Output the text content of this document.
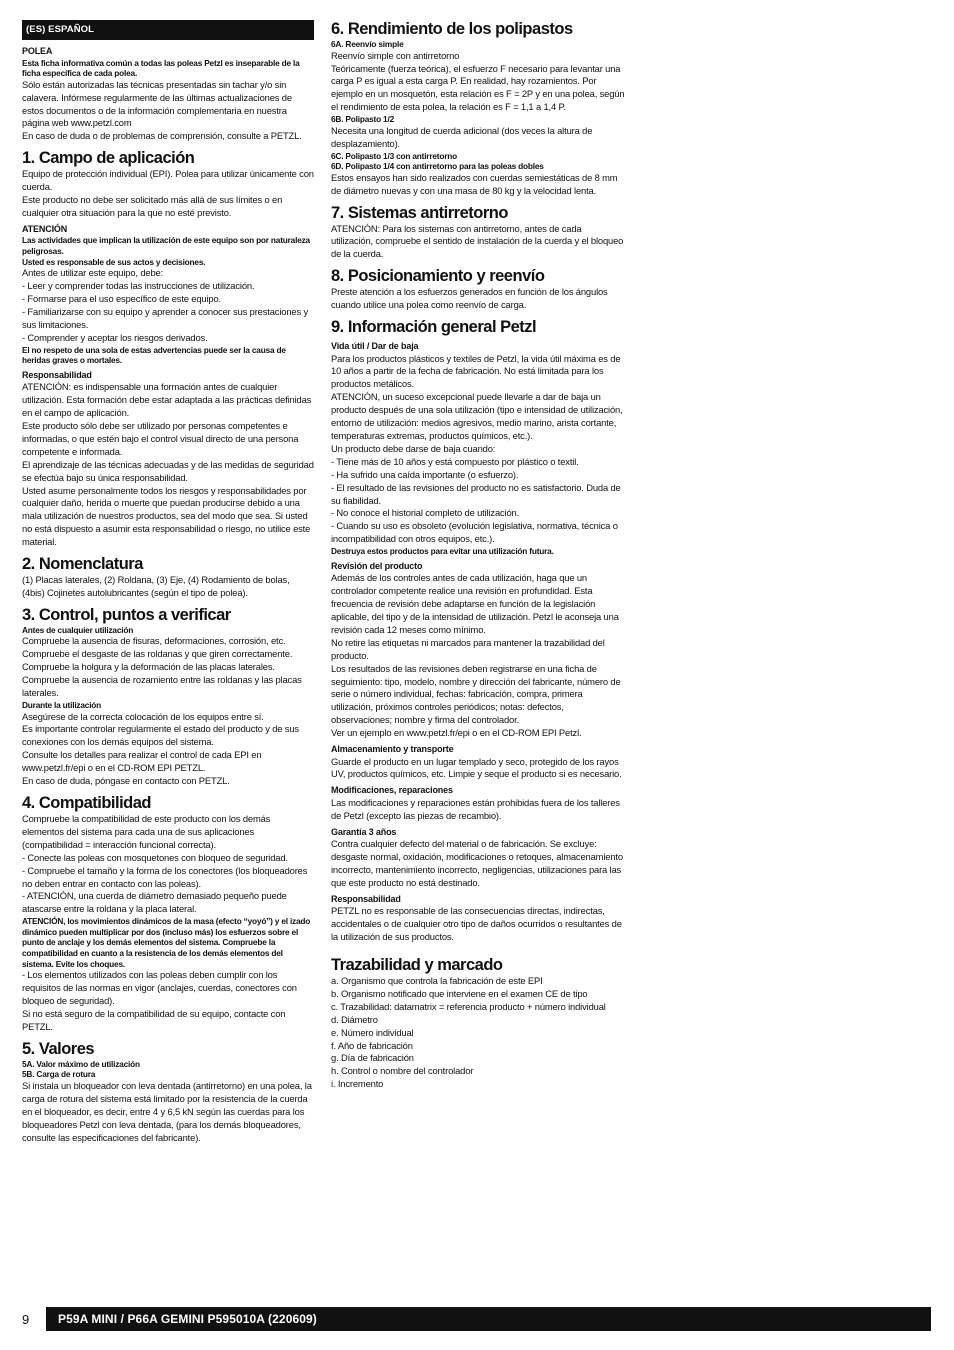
(ES) ESPAÑOL

POLEA

Esta ficha informativa común a todas las poleas Petzl es inseparable de la ficha específica de cada polea.

Sólo están autorizadas las técnicas presentadas sin tachar y/o sin calavera. Infórmese regularmente de las últimas actualizaciones de estos documentos o de la información complementaria en nuestra página web www.petzl.com
En caso de duda o de problemas de comprensión, consulte a PETZL.

1. Campo de aplicación

Equipo de protección individual (EPI). Polea para utilizar únicamente con cuerda.
Este producto no debe ser solicitado más allá de sus límites o en cualquier otra situación para la que no esté previsto.

ATENCIÓN

Las actividades que implican la utilización de este equipo son por naturaleza peligrosas.
Usted es responsable de sus actos y decisiones.

Antes de utilizar este equipo, debe:
- Leer y comprender todas las instrucciones de utilización.
- Formarse para el uso específico de este equipo.
- Familiarizarse con su equipo y aprender a conocer sus prestaciones y sus limitaciones.
- Comprender y aceptar los riesgos derivados.

El no respeto de una sola de estas advertencias puede ser la causa de heridas graves o mortales.

Responsabilidad

ATENCIÓN: es indispensable una formación antes de cualquier utilización. Esta formación debe estar adaptada a las prácticas definidas en el campo de aplicación.
Este producto sólo debe ser utilizado por personas competentes e informadas, o que estén bajo el control visual directo de una persona competente e informada.
El aprendizaje de las técnicas adecuadas y de las medidas de seguridad se efectúa bajo su única responsabilidad.
Usted asume personalmente todos los riesgos y responsabilidades por cualquier daño, herida o muerte que puedan producirse debido a una mala utilización de nuestros productos, sea del modo que sea. Si usted no está dispuesto a asumir esta responsabilidad o riesgo, no utilice este material.

2. Nomenclatura

(1) Placas laterales, (2) Roldana, (3) Eje, (4) Rodamiento de bolas, (4bis) Cojinetes autolubricantes (según el tipo de polea).

3. Control, puntos a verificar

Antes de cualquier utilización

Compruebe la ausencia de fisuras, deformaciones, corrosión, etc.
Compruebe el desgaste de las roldanas y que giren correctamente.
Compruebe la holgura y la deformación de las placas laterales.
Compruebe la ausencia de rozamiento entre las roldanas y las placas laterales.

Durante la utilización

Asegúrese de la correcta colocación de los equipos entre sí.
Es importante controlar regularmente el estado del producto y de sus conexiones con los demás equipos del sistema.
Consulte los detalles para realizar el control de cada EPI en www.petzl.fr/epi o en el CD-ROM EPI PETZL.
En caso de duda, póngase en contacto con PETZL.

4. Compatibilidad

Compruebe la compatibilidad de este producto con los demás elementos del sistema para cada una de sus aplicaciones (compatibilidad = interacción funcional correcta).
- Conecte las poleas con mosquetones con bloqueo de seguridad.
- Compruebe el tamaño y la forma de los conectores (los bloqueadores no deben entrar en contacto con las poleas).
- ATENCIÓN, una cuerda de diámetro demasiado pequeño puede atascarse entre la roldana y la placa lateral.

ATENCIÓN, los movimientos dinámicos de la masa (efecto “yoyó”) y el izado dinámico pueden multiplicar por dos (incluso más) los esfuerzos sobre el punto de anclaje y los demás elementos del sistema. Compruebe la compatibilidad en cuanto a la resistencia de los demás elementos del sistema. Evite los choques.

- Los elementos utilizados con las poleas deben cumplir con los requisitos de las normas en vigor (anclajes, cuerdas, conectores con bloqueo de seguridad).
Si no está seguro de la compatibilidad de su equipo, contacte con PETZL.

5. Valores

5A. Valor máximo de utilización

5B. Carga de rotura

Si instala un bloqueador con leva dentada (antirretorno) en una polea, la carga de rotura del sistema está limitado por la resistencia de la cuerda en el bloqueador, es decir, entre 4 y 6,5 kN según las cuerdas para los bloqueadores Petzl con leva dentada, (para los demás bloqueadores, consulte las especificaciones del fabricante).

6. Rendimiento de los polipastos

6A. Reenvío simple

Reenvío simple con antirretorno
Teóricamente (fuerza teórica), el esfuerzo F necesario para levantar una carga P es igual a esta carga P. En realidad, hay rozamientos. Por ejemplo en un mosquetón, esta relación es F = 2P y en una polea, según el rendimiento de esta polea, la relación es F = 1,1 a 1,4 P.

6B. Polipasto 1/2

Necesita una longitud de cuerda adicional (dos veces la altura de desplazamiento).

6C. Polipasto 1/3 con antirretorno
6D. Polipasto 1/4 con antirretorno para las poleas dobles

Estos ensayos han sido realizados con cuerdas semiestáticas de 8 mm de diámetro nuevas y con una masa de 80 kg y la velocidad lenta.

7. Sistemas antirretorno

ATENCIÓN: Para los sistemas con antirretorno, antes de cada utilización, compruebe el sentido de instalación de la cuerda y el bloqueo de la cuerda.

8. Posicionamiento y reenvío

Preste atención a los esfuerzos generados en función de los ángulos cuando utilice una polea como reenvío de carga.

9. Información general Petzl

Vida útil / Dar de baja

Para los productos plásticos y textiles de Petzl, la vida útil máxima es de 10 años a partir de la fecha de fabricación. No está limitada para los productos metálicos.
ATENCIÓN, un suceso excepcional puede llevarle a dar de baja un producto después de una sola utilización (tipo e intensidad de utilización, entorno de utilización: medios agresivos, medio marino, arista cortante, temperaturas extremas, productos químicos, etc.).
Un producto debe darse de baja cuando:
- Tiene más de 10 años y está compuesto por plástico o textil.
- Ha sufrido una caída importante (o esfuerzo).
- El resultado de las revisiones del producto no es satisfactorio. Duda de su fiabilidad.
- No conoce el historial completo de utilización.
- Cuando su uso es obsoleto (evolución legislativa, normativa, técnica o incompatibilidad con otros equipos, etc.).

Destruya estos productos para evitar una utilización futura.

Revisión del producto

Además de los controles antes de cada utilización, haga que un controlador competente realice una revisión en profundidad. Esta frecuencia de revisión debe adaptarse en función de la legislación aplicable, del tipo y de la intensidad de utilización. Petzl le aconseja una revisión cada 12 meses como mínimo.
No retire las etiquetas ni marcados para mantener la trazabilidad del producto.
Los resultados de las revisiones deben registrarse en una ficha de seguimiento: tipo, modelo, nombre y dirección del fabricante, número de serie o número individual, fechas: fabricación, compra, primera utilización, próximos controles periódicos; notas: defectos, observaciones; nombre y firma del controlador.
Ver un ejemplo en www.petzl.fr/epi o en el CD-ROM EPI Petzl.

Almacenamiento y transporte

Guarde el producto en un lugar templado y seco, protegido de los rayos UV, productos químicos, etc. Limpie y seque el producto si es necesario.

Modificaciones, reparaciones

Las modificaciones y reparaciones están prohibidas fuera de los talleres de Petzl (excepto las piezas de recambio).

Garantía 3 años

Contra cualquier defecto del material o de fabricación. Se excluye: desgaste normal, oxidación, modificaciones o retoques, almacenamiento incorrecto, mantenimiento incorrecto, negligencias, utilizaciones para las que este producto no está destinado.

Responsabilidad

PETZL no es responsable de las consecuencias directas, indirectas, accidentales o de cualquier otro tipo de daños ocurridos o resultantes de la utilización de sus productos.

Trazabilidad y marcado

a. Organismo que controla la fabricación de este EPI
b. Organismo notificado que interviene en el examen CE de tipo
c. Trazabilidad: datamatrix = referencia producto + número individual
d. Diámetro
e. Número individual
f. Año de fabricación
g. Día de fabricación
h. Control o nombre del controlador
i. Incremento

9	P59A MINI / P66A GEMINI P595010A (220609)
